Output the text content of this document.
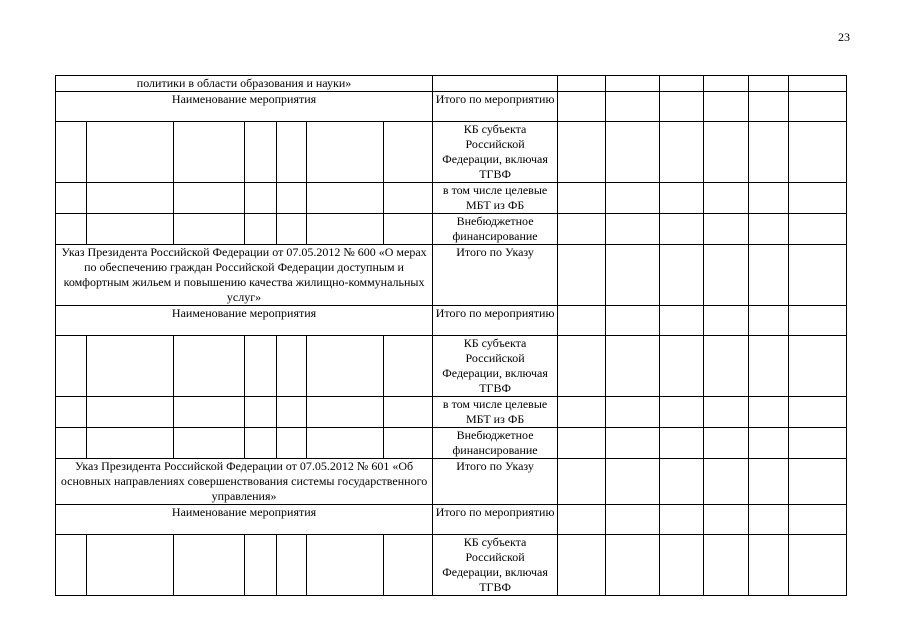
23
политики в области образования и науки»													
Наименование мероприятия							Итого по мероприятию						
							КБ субъекта Российской Федерации, включая ТГВФ						
							в том числе целевые МБТ из ФБ						
							Внебюджетное финансирование						
Указ Президента Российской Федерации от 07.05.2012 № 600 «О мерах по обеспечению граждан Российской Федерации доступным и комфортным жильем и повышению качества жилищно-коммунальных услуг»							Итого по Указу						
Наименование мероприятия							Итого по мероприятию						
							КБ субъекта Российской Федерации, включая ТГВФ						
							в том числе целевые МБТ из ФБ						
							Внебюджетное финансирование						
Указ Президента Российской Федерации от 07.05.2012 № 601 «Об основных направлениях совершенствования системы государственного управления»							Итого по Указу						
Наименование мероприятия							Итого по мероприятию						
							КБ субъекта Российской Федерации, включая ТГВФ						
